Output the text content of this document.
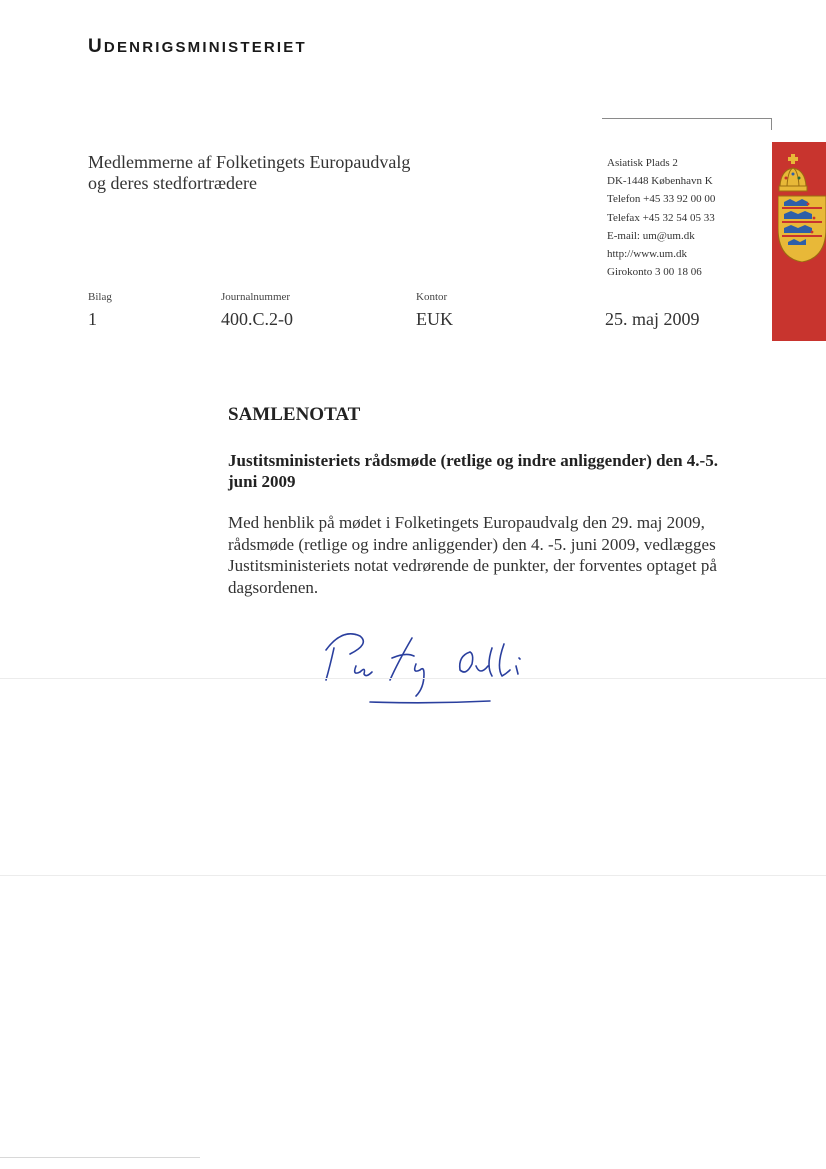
UDENRIGSMINISTERIET
Medlemmerne af Folketingets Europaudvalg
og deres stedfortrædere
Asiatisk Plads 2
DK-1448 København K
Telefon +45 33 92 00 00
Telefax +45 32 54 05 33
E-mail: um@um.dk
http://www.um.dk
Girokonto 3 00 18 06
Bilag
1
Journalnummer
400.C.2-0
Kontor
EUK	25. maj 2009
SAMLENOTAT
Justitsministeriets rådsmøde (retlige og indre anliggender) den 4.-5. juni 2009
Med henblik på mødet i Folketingets Europaudvalg den 29. maj 2009, rådsmøde (retlige og indre anliggender) den 4. -5. juni 2009, vedlægges Justitsministeriets notat vedrørende de punkter, der forventes optaget på dagsordenen.
